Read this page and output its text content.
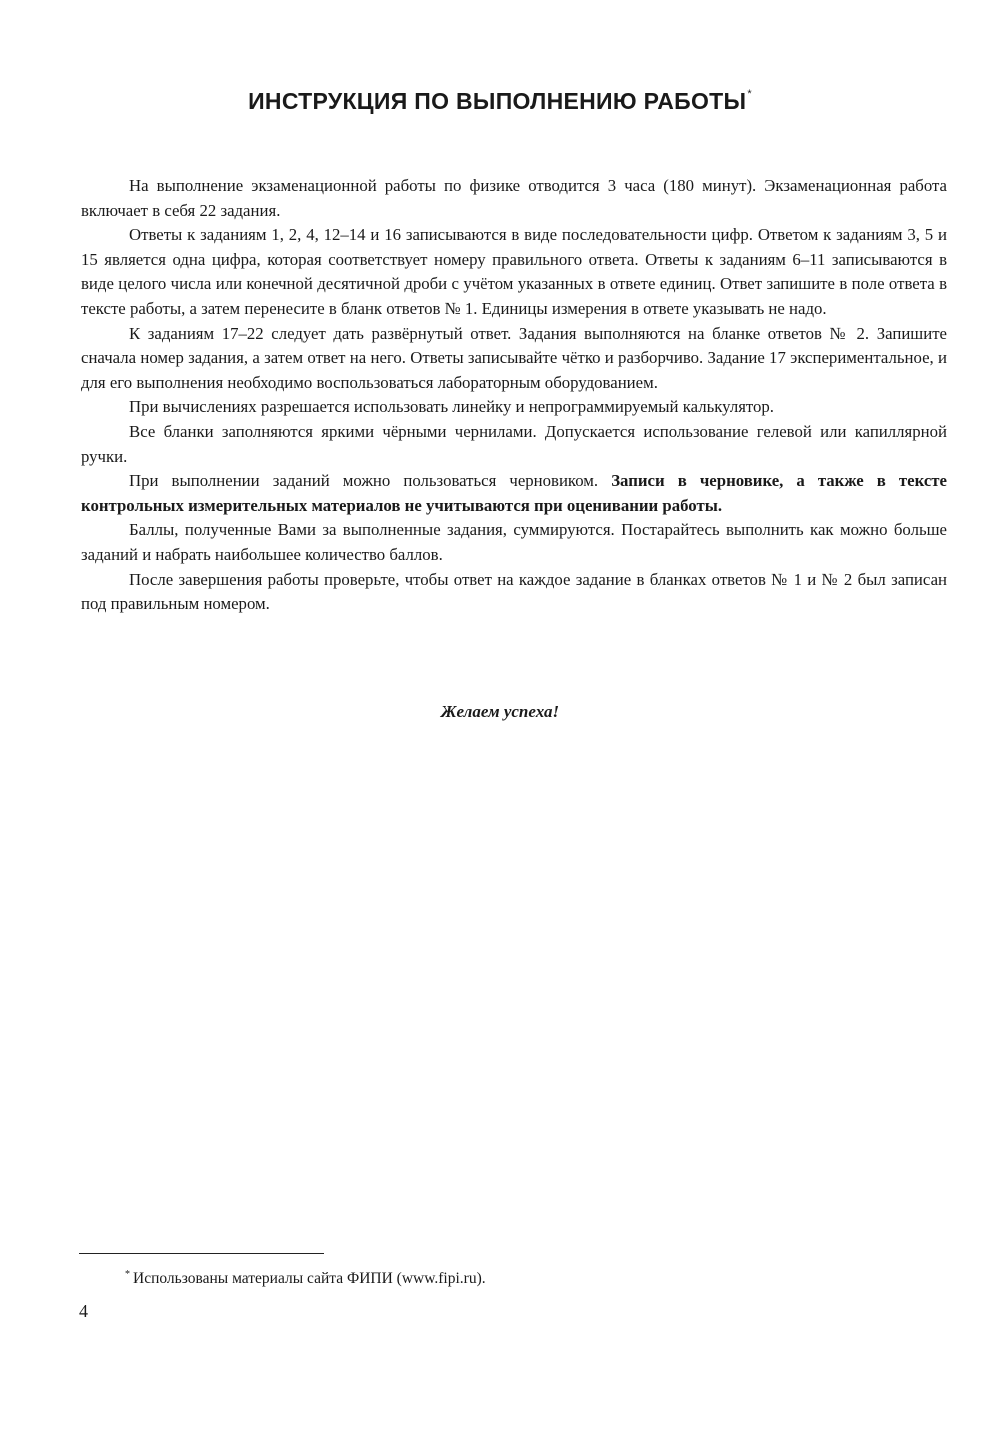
ИНСТРУКЦИЯ ПО ВЫПОЛНЕНИЮ РАБОТЫ*

На выполнение экзаменационной работы по физике отводится 3 часа (180 минут). Экзаменационная работа включает в себя 22 задания.

Ответы к заданиям 1, 2, 4, 12–14 и 16 записываются в виде последовательности цифр. Ответом к заданиям 3, 5 и 15 является одна цифра, которая соответствует номеру правильного ответа. Ответы к заданиям 6–11 записываются в виде целого числа или конечной десятичной дроби с учётом указанных в ответе единиц. Ответ запишите в поле ответа в тексте работы, а затем перенесите в бланк ответов № 1. Единицы измерения в ответе указывать не надо.

К заданиям 17–22 следует дать развёрнутый ответ. Задания выполняются на бланке ответов № 2. Запишите сначала номер задания, а затем ответ на него. Ответы записывайте чётко и разборчиво. Задание 17 экспериментальное, и для его выполнения необходимо воспользоваться лабораторным оборудованием.

При вычислениях разрешается использовать линейку и непрограммируемый калькулятор.

Все бланки заполняются яркими чёрными чернилами. Допускается использование гелевой или капиллярной ручки.

При выполнении заданий можно пользоваться черновиком. Записи в черновике, а также в тексте контрольных измерительных материалов не учитываются при оценивании работы.

Баллы, полученные Вами за выполненные задания, суммируются. Постарайтесь выполнить как можно больше заданий и набрать наибольшее количество баллов.

После завершения работы проверьте, чтобы ответ на каждое задание в бланках ответов № 1 и № 2 был записан под правильным номером.

Желаем успеха!
* Использованы материалы сайта ФИПИ (www.fipi.ru).
4
